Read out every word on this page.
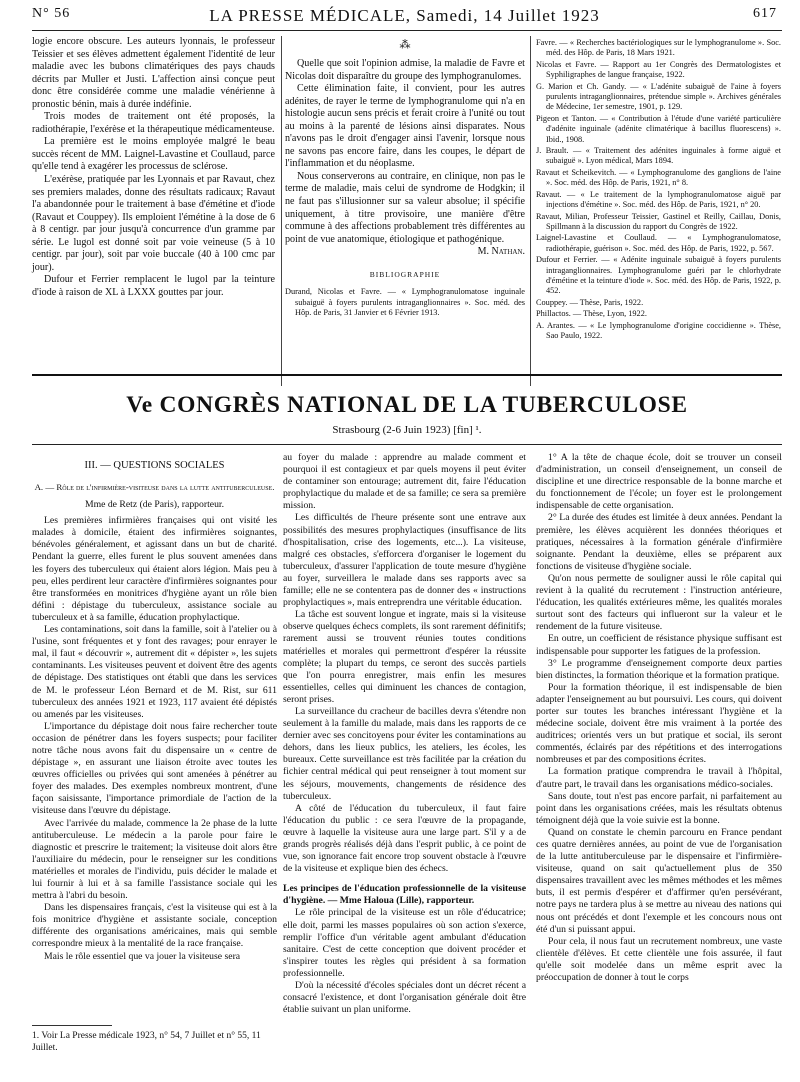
N° 56	LA PRESSE MÉDICALE, Samedi, 14 Juillet 1923	617

logie encore obscure. Les auteurs lyonnais, le professeur Teissier et ses élèves admettent également l'identité de leur maladie avec les bubons climatériques des pays chauds décrits par Muller et Justi. L'affection ainsi conçue peut donc être considérée comme une maladie vénérienne à pronostic bénin, mais à durée indéfinie.

Trois modes de traitement ont été proposés, la radiothérapie, l'exérèse et la thérapeutique médicamenteuse.

La première est le moins employée malgré le beau succès récent de MM. Laignel-Lavastine et Coullaud, parce qu'elle tend à exagérer les processus de sclérose.

L'exérèse, pratiquée par les Lyonnais et par Ravaut, chez ses premiers malades, donne des résultats radicaux; Ravaut l'a abandonnée pour le traitement à base d'émétine et d'iode (Ravaut et Couppey). Ils emploient l'émétine à la dose de 6 à 8 centigr. par jour jusqu'à concurrence d'un gramme par série. Le lugol est donné soit par voie veineuse (5 à 10 centigr. par jour), soit par voie buccale (40 à 100 cmc par jour).

Dufour et Ferrier remplacent le lugol par la teinture d'iode à raison de XL à LXXX gouttes par jour.

⁂

Quelle que soit l'opinion admise, la maladie de Favre et Nicolas doit disparaître du groupe des lymphogranulomes.

Cette élimination faite, il convient, pour les autres adénites, de rayer le terme de lymphogranulome qui n'a en histologie aucun sens précis et ferait croire à l'unité ou tout au moins à la parenté de lésions ainsi disparates. Nous n'avons pas le droit d'engager ainsi l'avenir, lorsque nous ne savons pas encore faire, dans les coupes, le départ de l'inflammation et du néoplasme.

Nous conserverons au contraire, en clinique, non pas le terme de maladie, mais celui de syndrome de Hodgkin; il ne faut pas s'illusionner sur sa valeur absolue; il spécifie uniquement, à titre provisoire, une manière d'être commune à des affections probablement très différentes au point de vue anatomique, étiologique et pathogénique.

M. Nathan.
BIBLIOGRAPHIE

Durand, Nicolas et Favre. — « Lymphogranulomatose inguinale subaiguë à foyers purulents intraganglionnaires ». Soc. méd. des Hôp. de Paris, 31 Janvier et 6 Février 1913.

Favre. — « Recherches bactériologiques sur le lymphogranulome ». Soc. méd. des Hôp. de Paris, 18 Mars 1921.

Nicolas et Favre. — Rapport au 1er Congrès des Dermatologistes et Syphiligraphes de langue française, 1922.

G. Marion et Ch. Gandy. — « L'adénite subaiguë de l'aine à foyers purulents intraganglionnaires, prétendue simple ». Archives générales de Médecine, 1er semestre, 1901, p. 129.

Pigeon et Tanton. — « Contribution à l'étude d'une variété particulière d'adénite inguinale (adénite climatérique à bacillus fluorescens) ». Ibid., 1908.

J. Brault. — « Traitement des adénites inguinales à forme aiguë et subaiguë ». Lyon médical, Mars 1894.

Ravaut et Scheikevitch. — « Lymphogranulome des ganglions de l'aine ». Soc. méd. des Hôp. de Paris, 1921, n° 8.

Ravaut. — « Le traitement de la lymphogranulomatose aiguë par injections d'émétine ». Soc. méd. des Hôp. de Paris, 1921, n° 20.

Ravaut, Milian, Professeur Teissier, Gastinel et Reilly, Caillau, Donis, Spillmann à la discussion du rapport du Congrès de 1922.

Laignel-Lavastine et Coullaud. — « Lymphogranulomatose, radiothérapie, guérison ». Soc. méd. des Hôp. de Paris, 1922, p. 567.

Dufour et Ferrier. — « Adénite inguinale subaiguë à foyers purulents intraganglionnaires. Lymphogranulome guéri par le chlorhydrate d'émétine et la teinture d'iode ». Soc. méd. des Hôp. de Paris, 1922, p. 452.

Couppey. — Thèse, Paris, 1922.

Phillactos. — Thèse, Lyon, 1922.

A. Arantes. — « Le lymphogranulome d'origine coccidienne ». Thèse, Sao Paulo, 1922.

Ve CONGRÈS NATIONAL DE LA TUBERCULOSE
Strasbourg (2-6 Juin 1923) [fin] ¹.
III. — QUESTIONS SOCIALES
A. — Rôle de l'infirmière-visiteuse dans la lutte antituberculeuse.
Mme de Retz (de Paris), rapporteur.

Les premières infirmières françaises qui ont visité les malades à domicile, étaient des infirmières soignantes, bénévoles généralement, et agissant dans un but de charité. Pendant la guerre, elles furent le plus souvent amenées dans les foyers des tuberculeux qui étaient alors légion. Mais peu à peu, elles perdirent leur caractère d'infirmières soignantes pour être transformées en monitrices d'hygiène ayant un rôle bien défini : dépistage du tuberculeux, assistance sociale au tuberculeux et à sa famille, éducation prophylactique.

Les contaminations, soit dans la famille, soit à l'atelier ou à l'usine, sont fréquentes et y font des ravages; pour enrayer le mal, il faut « découvrir », autrement dit « dépister », les sujets contaminants. Les visiteuses peuvent et doivent être des agents de dépistage. Des statistiques ont établi que dans les services de M. le professeur Léon Bernard et de M. Rist, sur 611 tuberculeux des années 1921 et 1923, 117 avaient été dépistés ou amenés par les visiteuses.

L'importance du dépistage doit nous faire rechercher toute occasion de pénétrer dans les foyers suspects; pour faciliter notre tâche nous avons fait du dispensaire un « centre de dépistage », en assurant une liaison étroite avec toutes les œuvres officielles ou privées qui sont amenées à pénétrer au foyer des malades. Des exemples nombreux montrent, d'une façon saisissante, l'importance primordiale de l'action de la visiteuse dans l'œuvre du dépistage.

Avec l'arrivée du malade, commence la 2e phase de la lutte antituberculeuse. Le médecin a la parole pour faire le diagnostic et prescrire le traitement; la visiteuse doit alors être l'auxiliaire du médecin, pour le renseigner sur les conditions matérielles et morales de l'individu, puis décider le malade et lui fournir à lui et à sa famille l'assistance sociale qui les mettra à l'abri du besoin.

Dans les dispensaires français, c'est la visiteuse qui est à la fois monitrice d'hygiène et assistante sociale, conception différente des organisations américaines, mais qui semble correspondre mieux à la mentalité de la race française.

Mais le rôle essentiel que va jouer la visiteuse sera

1. Voir La Presse médicale 1923, n° 54, 7 Juillet et n° 55, 11 Juillet.

au foyer du malade : apprendre au malade comment et pourquoi il est contagieux et par quels moyens il peut éviter de contaminer son entourage; autrement dit, faire l'éducation prophylactique du malade et de sa famille; ce sera sa première mission.

Les difficultés de l'heure présente sont une entrave aux possibilités des mesures prophylactiques (insuffisance de lits d'hospitalisation, crise des logements, etc...). La visiteuse, malgré ces obstacles, s'efforcera d'organiser le logement du tuberculeux, d'assurer l'application de toute mesure d'hygiène au foyer, surveillera le malade dans ses rapports avec sa famille; elle ne se contentera pas de donner des « instructions prophylactiques », mais entreprendra une véritable éducation.

La tâche est souvent longue et ingrate, mais si la visiteuse observe quelques échecs complets, ils sont rarement définitifs; rarement aussi se trouvent réunies toutes conditions matérielles et morales qui permettront d'espérer la réussite complète; la plupart du temps, ce seront des succès partiels que l'on pourra enregistrer, mais enfin les mesures essentielles, celles qui diminuent les chances de contagion, seront prises.

La surveillance du cracheur de bacilles devra s'étendre non seulement à la famille du malade, mais dans les rapports de ce dernier avec ses concitoyens pour éviter les contaminations au dehors, dans les lieux publics, les ateliers, les écoles, les bureaux. Cette surveillance est très facilitée par la création du fichier central médical qui peut renseigner à tout moment sur les séjours, mouvements, changements de résidence des tuberculeux.

A côté de l'éducation du tuberculeux, il faut faire l'éducation du public : ce sera l'œuvre de la propagande, œuvre à laquelle la visiteuse aura une large part. S'il y a de grands progrès réalisés déjà dans l'esprit public, à ce point de vue, son ignorance fait encore trop souvent obstacle à l'œuvre de la visiteuse et explique bien des échecs.

Les principes de l'éducation professionnelle de la visiteuse d'hygiène. — Mme Haloua (Lille), rapporteur.

Le rôle principal de la visiteuse est un rôle d'éducatrice; elle doit, parmi les masses populaires où son action s'exerce, remplir l'office d'un véritable agent ambulant d'éducation sanitaire. C'est de cette conception que doivent procéder et s'inspirer toutes les règles qui président à sa formation professionnelle.

D'où la nécessité d'écoles spéciales dont un décret récent a consacré l'existence, et dont l'organisation générale doit être établie suivant un plan uniforme.

1° A la tête de chaque école, doit se trouver un conseil d'administration, un conseil d'enseignement, un conseil de discipline et une directrice responsable de la bonne marche et du fonctionnement de l'école; un foyer est le prolongement indispensable de cette organisation.

2° La durée des études est limitée à deux années. Pendant la première, les élèves acquièrent les données théoriques et pratiques, nécessaires à la formation générale d'infirmière soignante. Pendant la deuxième, elles se préparent aux fonctions de visiteuse d'hygiène sociale.

Qu'on nous permette de souligner aussi le rôle capital qui revient à la qualité du recrutement : l'instruction antérieure, l'éducation, les qualités extérieures même, les qualités morales surtout sont des facteurs qui influeront sur la valeur et le rendement de la future visiteuse.

En outre, un coefficient de résistance physique suffisant est indispensable pour supporter les fatigues de la profession.

3° Le programme d'enseignement comporte deux parties bien distinctes, la formation théorique et la formation pratique.

Pour la formation théorique, il est indispensable de bien adapter l'enseignement au but poursuivi. Les cours, qui doivent porter sur toutes les branches intéressant l'hygiène et la médecine sociale, doivent être mis vraiment à la portée des auditrices; orientés vers un but pratique et social, ils seront commentés, éclairés par des répétitions et des interrogations nombreuses et par des compositions écrites.

La formation pratique comprendra le travail à l'hôpital, d'autre part, le travail dans les organisations médico-sociales.

Sans doute, tout n'est pas encore parfait, ni parfaitement au point dans les organisations créées, mais les résultats obtenus témoignent déjà que la voie suivie est la bonne.

Quand on constate le chemin parcouru en France pendant ces quatre dernières années, au point de vue de l'organisation de la lutte antituberculeuse par le dispensaire et l'infirmière-visiteuse, quand on sait qu'actuellement plus de 350 dispensaires travaillent avec les mêmes méthodes et les mêmes buts, il est permis d'espérer et d'affirmer qu'en persévérant, notre pays ne tardera plus à se mettre au niveau des nations qui nous ont précédés et dont l'exemple et les concours nous ont été d'un si puissant appui.

Pour cela, il nous faut un recrutement nombreux, une vaste clientèle d'élèves. Et cette clientèle une fois assurée, il faut qu'elle soit modelée dans un même esprit avec la préoccupation de donner à tout le corps
